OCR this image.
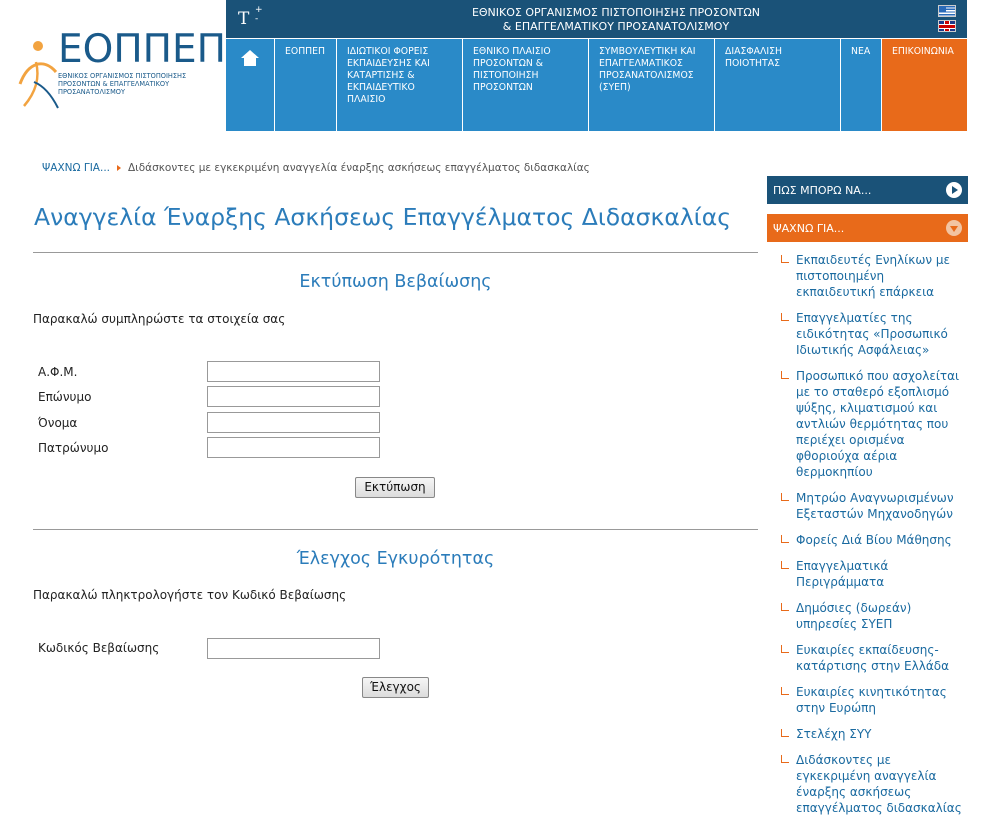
ΕΟΠΠΕΠ
ΕΘΝΙΚΟΣ ΟΡΓΑΝΙΣΜΟΣ ΠΙΣΤΟΠΟΙΗΣΗΣ ΠΡΟΣΟΝΤΩΝ & ΕΠΑΓΓΕΛΜΑΤΙΚΟΥ ΠΡΟΣΑΝΑΤΟΛΙΣΜΟΥ
T +
-	ΕΘΝΙΚΟΣ ΟΡΓΑΝΙΣΜΟΣ ΠΙΣΤΟΠΟΙΗΣΗΣ ΠΡΟΣΟΝΤΩΝ
& ΕΠΑΓΓΕΛΜΑΤΙΚΟΥ ΠΡΟΣΑΝΑΤΟΛΙΣΜΟΥ
ΕΟΠΠΕΠ	ΙΔΙΩΤΙΚΟΙ ΦΟΡΕΙΣ ΕΚΠΑΙΔΕΥΣΗΣ ΚΑΙ ΚΑΤΑΡΤΙΣΗΣ & ΕΚΠΑΙΔΕΥΤΙΚΟ ΠΛΑΙΣΙΟ
ΕΘΝΙΚΟ ΠΛΑΙΣΙΟ ΠΡΟΣΟΝΤΩΝ & ΠΙΣΤΟΠΟΙΗΣΗ ΠΡΟΣΟΝΤΩΝ
ΣΥΜΒΟΥΛΕΥΤΙΚΗ ΚΑΙ ΕΠΑΓΓΕΛΜΑΤΙΚΟΣ ΠΡΟΣΑΝΑΤΟΛΙΣΜΟΣ (ΣΥΕΠ)
ΔΙΑΣΦΑΛΙΣΗ ΠΟΙΟΤΗΤΑΣ
ΝΕΑ	ΕΠΙΚΟΙΝΩΝΙΑ
ΨΑΧΝΩ ΓΙΑ... Διδάσκοντες με εγκεκριμένη αναγγελία έναρξης ασκήσεως επαγγέλματος διδασκαλίας
Αναγγελία Έναρξης Ασκήσεως Επαγγέλματος Διδασκαλίας
Εκτύπωση Βεβαίωσης
Παρακαλώ συμπληρώστε τα στοιχεία σας
Α.Φ.Μ.
Επώνυμο
Όνομα
Πατρώνυμο
Εκτύπωση
Έλεγχος Εγκυρότητας
Παρακαλώ πληκτρολογήστε τον Κωδικό Βεβαίωσης
Κωδικός Βεβαίωσης
Έλεγχος
ΠΩΣ ΜΠΟΡΩ ΝΑ...
ΨΑΧΝΩ ΓΙΑ...
Εκπαιδευτές Ενηλίκων με πιστοποιημένη εκπαιδευτική επάρκεια
Επαγγελματίες της ειδικότητας «Προσωπικό Ιδιωτικής Ασφάλειας»
Προσωπικό που ασχολείται με το σταθερό εξοπλισμό ψύξης, κλιματισμού και αντλιών θερμότητας που περιέχει ορισμένα φθοριούχα αέρια θερμοκηπίου
Μητρώο Αναγνωρισμένων Εξεταστών Μηχανοδηγών
Φορείς Διά Βίου Μάθησης
Επαγγελματικά Περιγράμματα
Δημόσιες (δωρεάν) υπηρεσίες ΣΥΕΠ
Ευκαιρίες εκπαίδευσης-κατάρτισης στην Ελλάδα
Ευκαιρίες κινητικότητας στην Ευρώπη
Στελέχη ΣΥΥ
Διδάσκοντες με εγκεκριμένη αναγγελία έναρξης ασκήσεως επαγγέλματος διδασκαλίας
